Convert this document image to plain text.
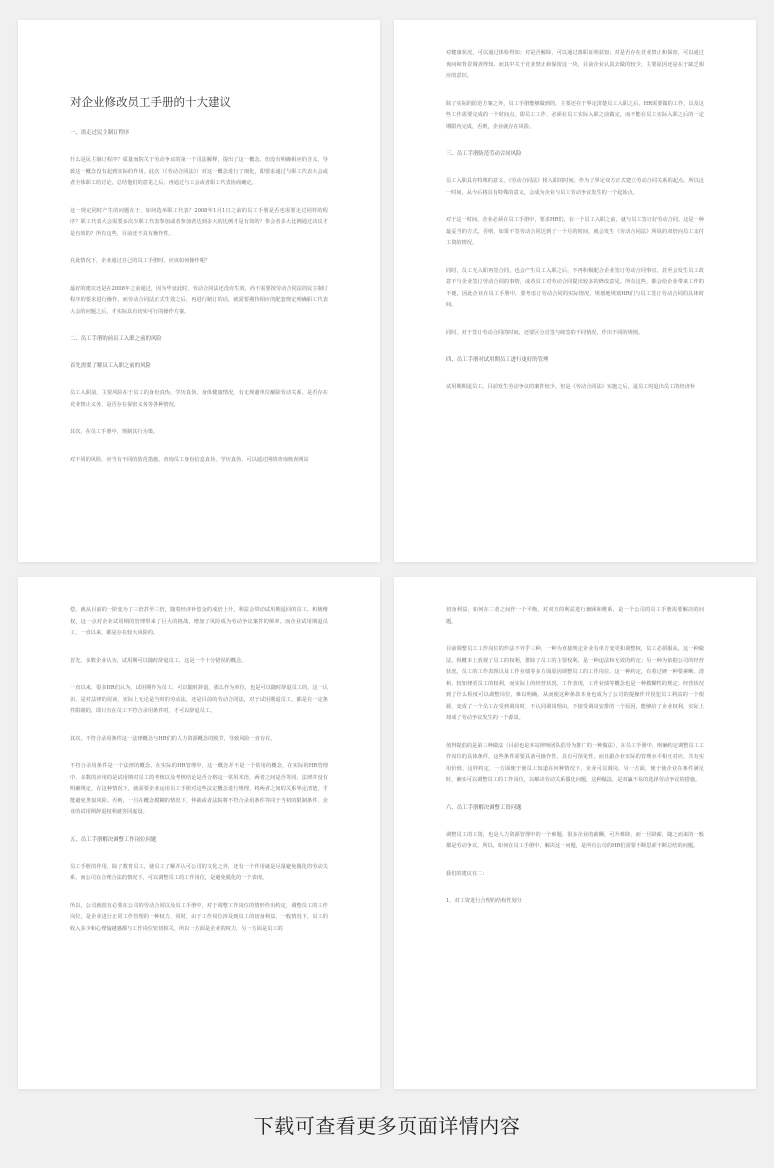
对企业修改员工手册的十大建议
一、需走过民主制订程序
什么是民主制订程序？质量而院关于劳动争议的第一个司法解释，提出了这一概念，但没有明确相应的含义，导致这一概念没有起到实际的作用。此次（《劳动合同法》）对这一概念进行了细化，即要求通过与职工代表大会或者全体职工的讨论，总结他们的意见之后，再通过与工会或者职工代表协商确定。
这一规定同时产生的问题在于，如何选举职工代表？2008年1月1日之前的员工手册是否也需要走过同样的程序？职工代表大会需要多次少职工代表参加或者参加者达到多大的比例才是有效的？参会者多大比例通过决议才是有效的？所有这些，目前还不具有操作性。
在此情况下，企业通过自己的员工手册时，应该如何操作呢？
最好的建议还是在2008年之前通过，因为毕竟此时，劳动合同法还没有生效，尚不需要按劳动合同法的民主制订程序的要求进行操作，而劳动合同法正式生效之后，再进行制订的话，就需要期待相应的配套规定明确职工代表大会的问题之后，才实际具有切实可行的操作方案。
二、员工手册的前员工入职之前的风险
首先需要了解员工入职之前的风险
员工入职前，主要风险在于员工的身份真伪、学历真伪、身体健康情况，有无规避单位解除劳动关系、是否存在竞业禁止义务、是否存在保密义务等各种情况。
其次，在员工手册中，规制其行为策。
对不同的风险，应当有不同的防范措施。查询员工身份信息真伪、学历真伪，可以通过网络查询核查网站
对健康状况，可以通过体检得知；对是否解除，可以通过离职证明获知；对是否存在竞业禁止和保密，可以通过询问和背景调查得知。而其中关于竞业禁止和保密这一块，目前企业认真去做的较少，主要原因还是在于缺乏相应的意识。
除了实际的防范方案之外，员工手册能够做到的，主要还在于界定清楚员工入职之后，HR需要做的工作，以及这些工作需要完成的一个时间点。即员工工作、必须在员工实际入职之前做完，而不能在员工实际入职之后的一定期限内完成，否则，企业就存在风险。
三、员工手册防范劳动合同风险
员工入职具有特殊的意义，《劳动合同法》将入职的时间，作为了界定双方正式建立劳动合同关系的起点。所以这一时间，从今后将具有特殊的意义，会成为企业与员工劳动争议发生的一个起始点。
对于这一时间，企业必须在员工手册中，要求HR们，在一个员工入职之前，就与员工签订好劳动合同。这是一种最妥当的方式。否则，如果不签劳动合同达到了一个月的时间，就会发生《劳动合同法》所说的双倍向员工支付工资的情况。
同时，员工无入职再签合同，也会产生员工入职之后，不再积极配合企业签订劳动合同事宜。甚至会发生员工故意不与企业签订劳动合同的事情，或者员工对劳动合同提出较多的修改意见。所有这些，都会给企业带来工作的不便。因此企业在员工手册中，要考虑订劳动合同的实际情况，规划地规划HR们与员工签订劳动合同的具体时间。
同时，对于签订劳动合同的时间，还要区分首签与续签的不同情况，作出不同的规则。
四、员工手册对试用期员工进行更好的管理
试用期期退员工，目前发生劳动争议的案件较少。但是《劳动合同法》实施之后，退员工时退出员工的经济补
偿，就从目前的一阶变为了三倍甚至三倍，随着经济补偿金的成倍上升，利益会带动试用期退回的员工，积极维权，这一点对企业试用期的管理带来了巨大的挑战，增加了风险成为劳动争议案件的频率。而企业试用期退员工，一直以来，都是存在较大风险的。
首先，多数企业认为，试用期可以随时辞退员工，这是一个十分错误的概念。
一直以来，很多HR们认为，试用期作为员工，可以随时辞退，那么作为单位，也是可以随时辞退员工的，这一认识，是对法律的误读。实际上无论是当时的劳动法，还是目前的劳动合同法，对于试用期退员工，都是有一定条件限制的，即只有在员工不符合录用条件时，才可以辞退员工。
其次，不符合录用条件这一法律概念与HR们的人力资源概念的脱节，导致风险一直存在。
不符合录用条件是一个法律的概念，在实际的HR管理中，这一概念并不是一个常用的概念，在实际的HR管理中，多数的应用的是试用期对员工的考核以及考核结论是否合格这一常用术语，两者之间是否等同，法律并没有明确规定，在这种情况下，就需要企业运用员工手册对这些法定概念进行规理，将两者之间的关系界定清楚，才能避免类似风险。否则，一旦在概念模糊的情况下，仲裁或者法院将不符合录用条件等同于当初的限制条件，企业的试用期辞退权利就等同虚设。
五、员工手册解决调整工作岗位问题
员工手册的作用，除了教育员工，使员工了解并认可公司的文化之外，还有一个作用就是尽量避免僵化的劳动关系，而公司在合理合法的情况下，可以调整员工的工作岗位，是避免僵化的一个表现。
所以，公司就很有必要在公司的劳动合同以及员工手册中，对于调整工作岗位的情形作出约定，调整员工的工作岗位，是企业进行正常工作管理的一种权力，同时，由于工作岗位涉及到员工的切身利益，一般情况下，员工的收入多少和心理愉越感都与工作岗位密切相关，所以一方面是企业的权力，另一方面是员工的
切身利益，如何在二者之间作一个平衡，对双方的利益进行兼顾和维系，是一个公司的员工手册需要解决的问题。
目前调整员工工作岗位的作法不外乎三种，一种为直接规定企业有单方变更和调整权，员工必须服从，这一种做法，纵概本上放视了员工的权利，排除了员工的主要权利，是一种违法和无效的约定；另一种为依据公司的经营状况，员工的工作表现以及工作业绩等多方面原因调整员工的工作岗位，这一种约定，有着过硬一种要素晰，清和，较知律更员工的权利，而实际上的经营状况、工作表现，工作业绩等概念也是一种模糊性的规定；经营状况到了什么程度可以调整岗位，难以明确。从而使这种条款本身也成为了公司的提操作并侵犯员工利益的一个根源，变成了一个员工在受到调岗时，不认同调岗理由，不接受调岗安排的一个原因，能够给了企业权利，实际上却成了劳动争议发生的一个源泉。
值得提倡的是第三种做法（目前也是本站律师团队倡导为推广的一种做法），在员工手册中，明确约定调整员工工作岗位的具体条件，这些条件需要具备可操作性，具有可预见性，而且跟企业实际的管理水平相互对应，共有实用价值，这样约定，一方面便于使员工知道在何种情况下，企业可以调岗，另一方面，便于使企业在条件满足时，确实可以调整员工的工作岗位，以解决劳动关系僵化问题，这种做法，是双赢不易的选择劳动争议的措施。
六、员工手册解决调整工资问题
调整员工的工资，也是人力资源管理中的一个难题，很多企业的薪酬，可升难降，而一旦降薪，随之而来的一般都是劳动争议，所以，如何在员工手册中，解决这一问题，是所有公司的HR们需要不断思索不断总结的问题。
我们的建议有二：
1、对工资进行合理的结构性划分
下载可查看更多页面详情内容
